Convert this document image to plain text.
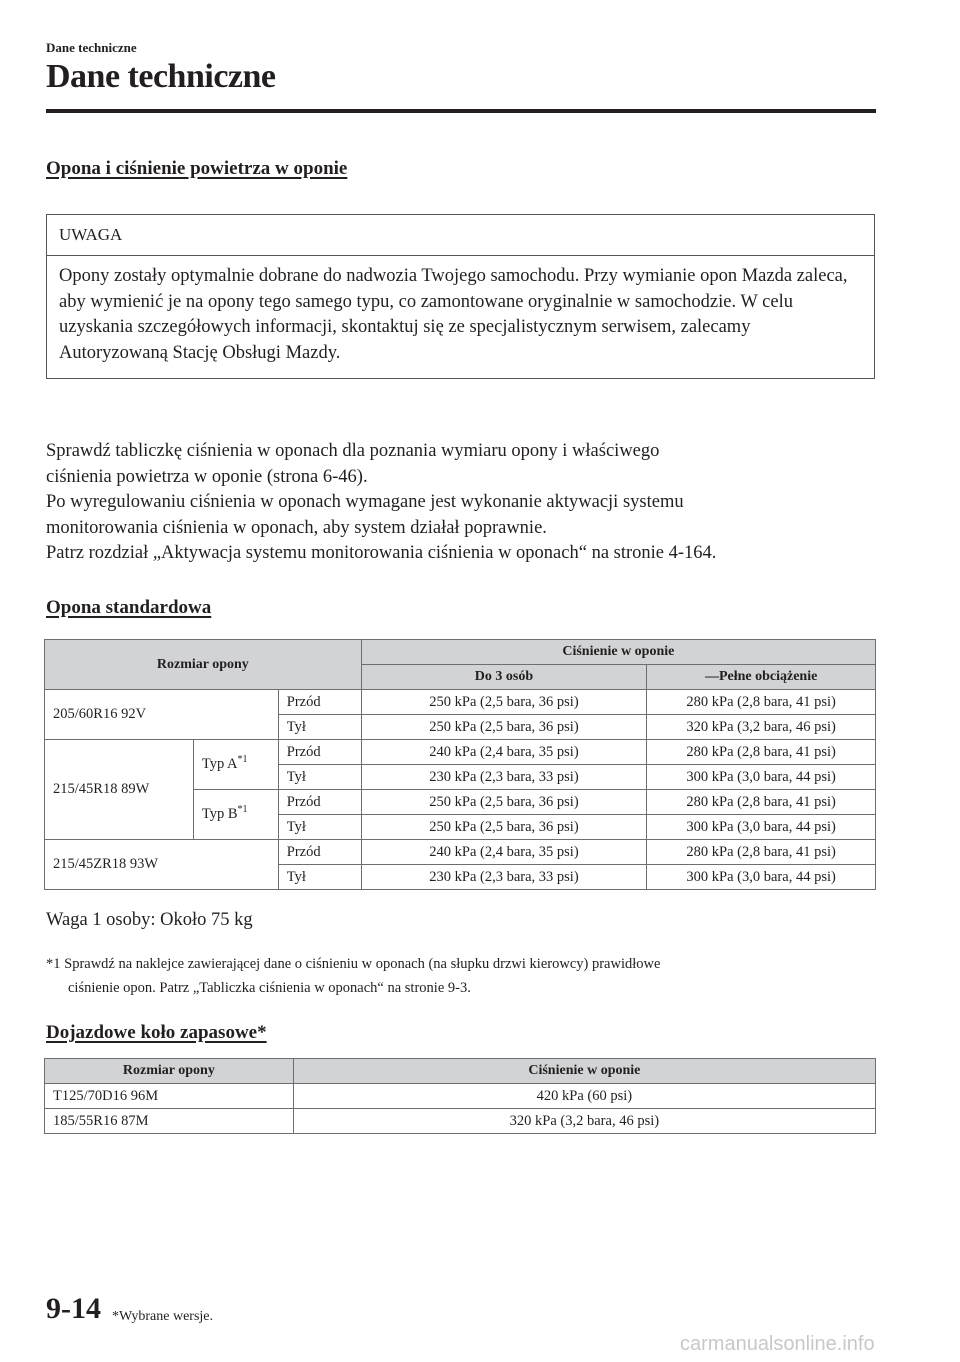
Dane techniczne
Dane techniczne
Opona i ciśnienie powietrza w oponie
UWAGA
Opony zostały optymalnie dobrane do nadwozia Twojego samochodu. Przy wymianie opon Mazda zaleca, aby wymienić je na opony tego samego typu, co zamontowane oryginalnie w samochodzie. W celu uzyskania szczegółowych informacji, skontaktuj się ze specjalistycznym serwisem, zalecamy Autoryzowaną Stację Obsługi Mazdy.
Sprawdź tabliczkę ciśnienia w oponach dla poznania wymiaru opony i właściwego
ciśnienia powietrza w oponie (strona 6-46).
Po wyregulowaniu ciśnienia w oponach wymagane jest wykonanie aktywacji systemu
monitorowania ciśnienia w oponach, aby system działał poprawnie.
Patrz rozdział „Aktywacja systemu monitorowania ciśnienia w oponach“ na stronie 4-164.
Opona standardowa
Rozmiar opony			Ciśnienie w oponie	
			Do 3 osób	—Pełne obciążenie
205/60R16 92V		Przód	250 kPa (2,5 bara, 36 psi)	280 kPa (2,8 bara, 41 psi)
		Tył	250 kPa (2,5 bara, 36 psi)	320 kPa (3,2 bara, 46 psi)
215/45R18 89W	Typ $A^{*1}$	Przód	240 kPa (2,4 bara, 35 psi)	280 kPa (2,8 bara, 41 psi)
		Tył	230 kPa (2,3 bara, 33 psi)	300 kPa (3,0 bara, 44 psi)
	Typ $B^{*1}$	Przód	250 kPa (2,5 bara, 36 psi)	280 kPa (2,8 bara, 41 psi)
		Tył	250 kPa (2,5 bara, 36 psi)	300 kPa (3,0 bara, 44 psi)
215/45ZR18 93W		Przód	240 kPa (2,4 bara, 35 psi)	280 kPa (2,8 bara, 41 psi)
		Tył	230 kPa (2,3 bara, 33 psi)	300 kPa (3,0 bara, 44 psi)
Waga 1 osoby: Około 75 kg
*1 Sprawdź na naklejce zawierającej dane o ciśnieniu w oponach (na słupku drzwi kierowcy) prawidłowe
ciśnienie opon. Patrz „Tabliczka ciśnienia w oponach“ na stronie 9-3.
Dojazdowe koło zapasowe*
Rozmiar opony	Ciśnienie w oponie
T125/70D16 96M	420 kPa (60 psi)
185/55R16 87M	320 kPa (3,2 bara, 46 psi)
9-14 *Wybrane wersje.
carmanualsonline.info
